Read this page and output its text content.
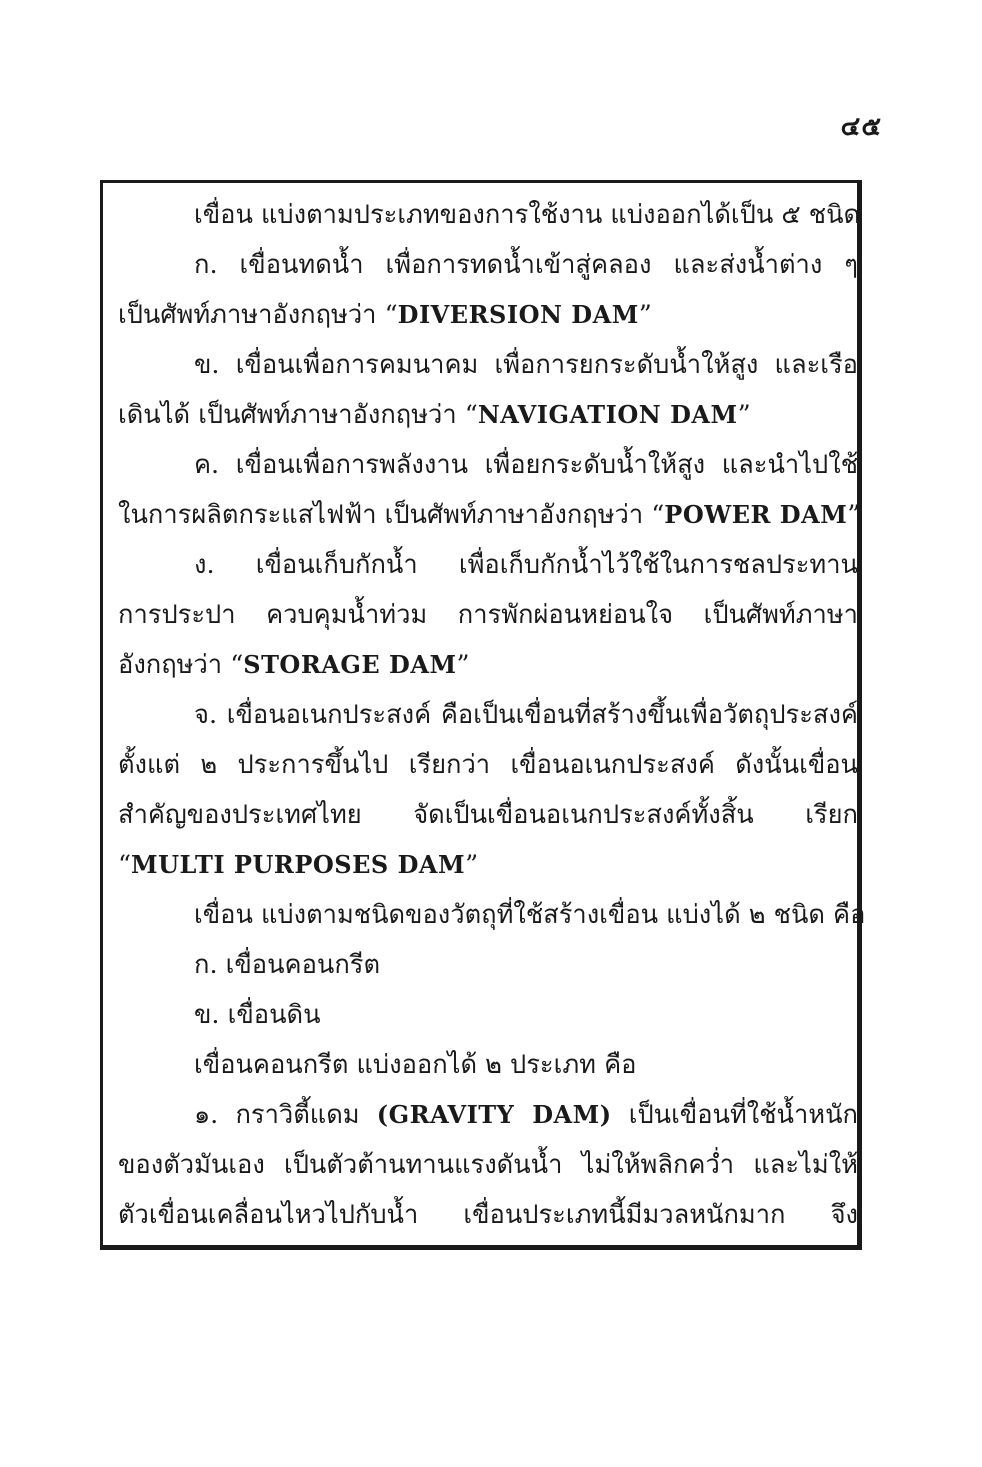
๔๕
เขื่อน แบ่งตามประเภทของการใช้งาน แบ่งออกได้เป็น ๕ ชนิด
ก. เขื่อนทดน้ำ เพื่อการทดน้ำเข้าสู่คลอง และส่งน้ำต่าง ๆ
เป็นศัพท์ภาษาอังกฤษว่า “DIVERSION DAM”
ข. เขื่อนเพื่อการคมนาคม เพื่อการยกระดับน้ำให้สูง และเรือ
เดินได้ เป็นศัพท์ภาษาอังกฤษว่า “NAVIGATION DAM”
ค. เขื่อนเพื่อการพลังงาน เพื่อยกระดับน้ำให้สูง และนำไปใช้
ในการผลิตกระแสไฟฟ้า เป็นศัพท์ภาษาอังกฤษว่า “POWER DAM”
ง. เขื่อนเก็บกักน้ำ เพื่อเก็บกักน้ำไว้ใช้ในการชลประทาน
การประปา ควบคุมน้ำท่วม การพักผ่อนหย่อนใจ เป็นศัพท์ภาษา
อังกฤษว่า “STORAGE DAM”
จ. เขื่อนอเนกประสงค์ คือเป็นเขื่อนที่สร้างขึ้นเพื่อวัตถุประสงค์
ตั้งแต่ ๒ ประการขึ้นไป เรียกว่า เขื่อนอเนกประสงค์ ดังนั้นเขื่อน
สำคัญของประเทศไทย จัดเป็นเขื่อนอเนกประสงค์ทั้งสิ้น เรียก
“MULTI PURPOSES DAM”
เขื่อน แบ่งตามชนิดของวัตถุที่ใช้สร้างเขื่อน แบ่งได้ ๒ ชนิด คือ
ก. เขื่อนคอนกรีต
ข. เขื่อนดิน
เขื่อนคอนกรีต แบ่งออกได้ ๒ ประเภท คือ
๑. กราวิตี้แดม (GRAVITY DAM) เป็นเขื่อนที่ใช้น้ำหนัก
ของตัวมันเอง เป็นตัวต้านทานแรงดันน้ำ ไม่ให้พลิกคว่ำ และไม่ให้
ตัวเขื่อนเคลื่อนไหวไปกับน้ำ เขื่อนประเภทนี้มีมวลหนักมาก จึง
